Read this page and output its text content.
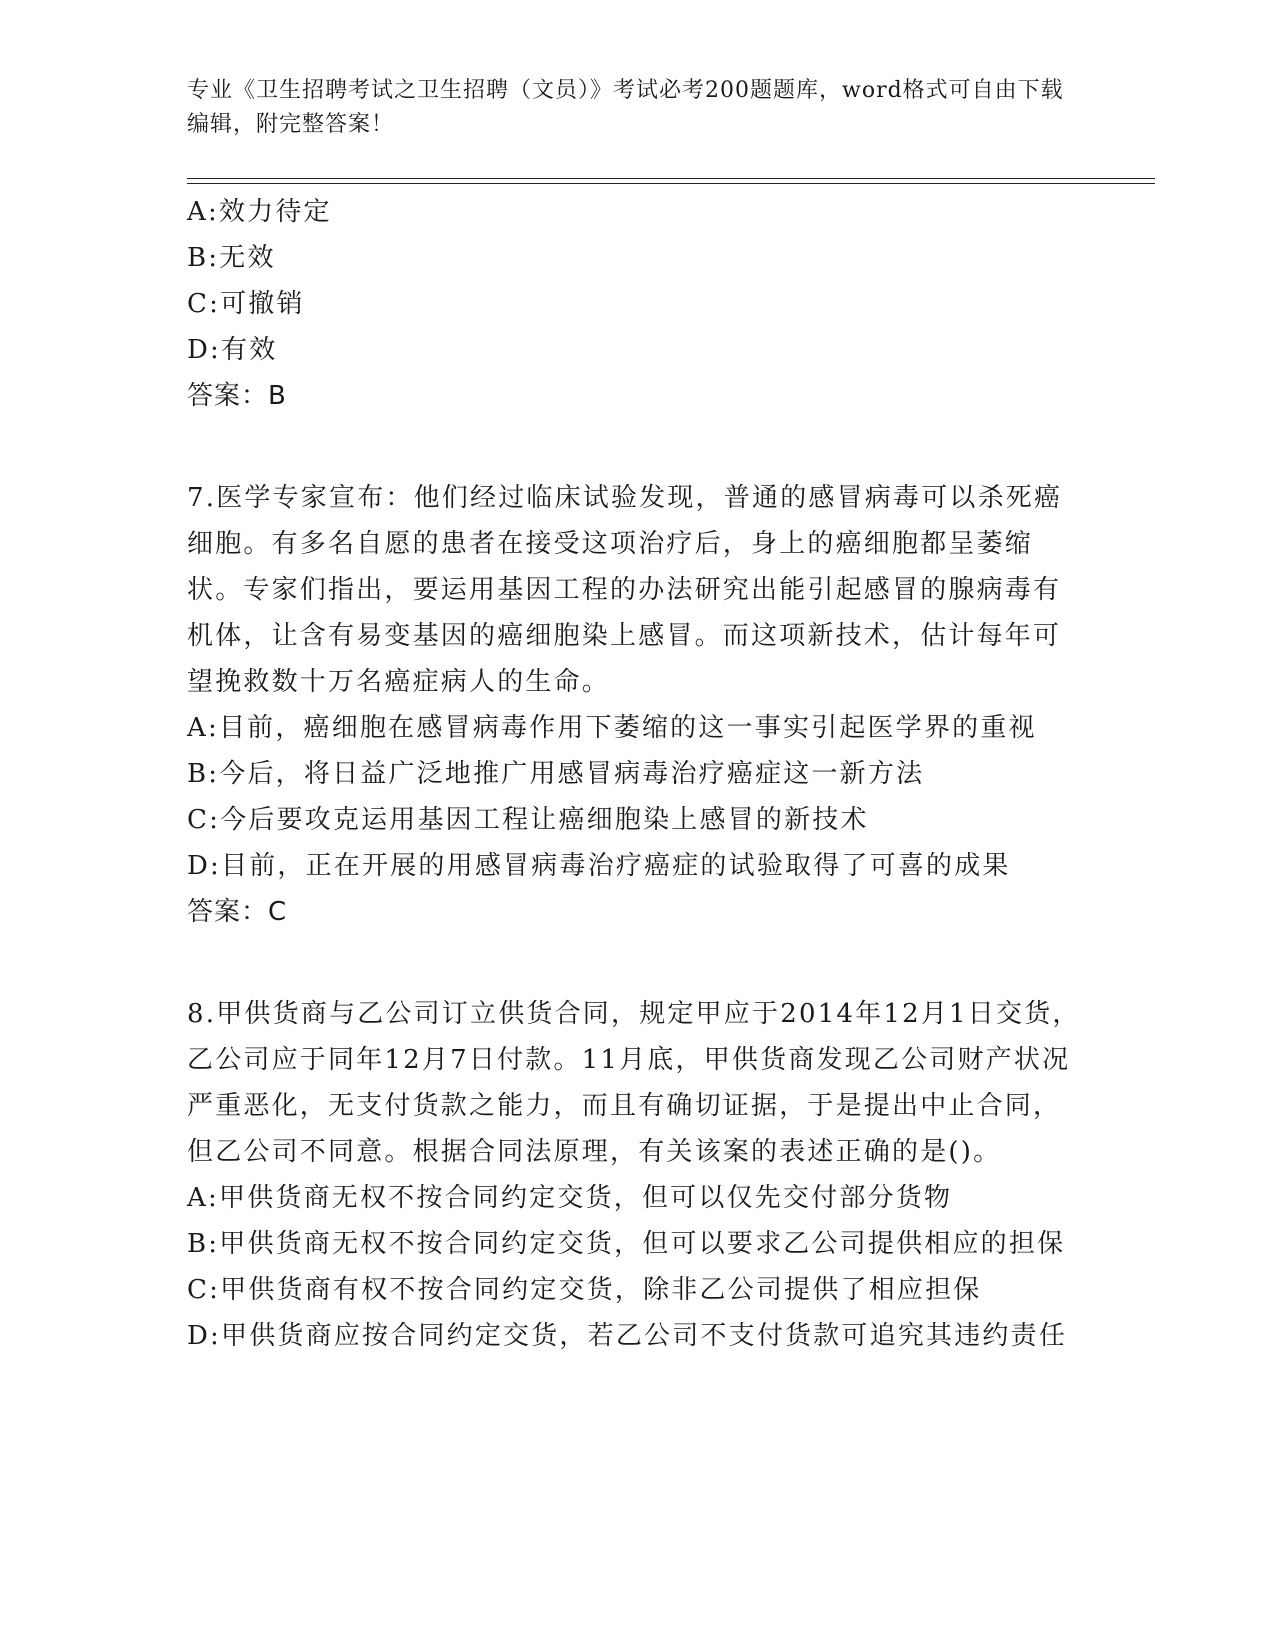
专业《卫生招聘考试之卫生招聘（文员）》考试必考200题题库，word格式可自由下载编辑，附完整答案！
A:效力待定
B:无效
C:可撤销
D:有效
答案：B
7.医学专家宣布：他们经过临床试验发现，普通的感冒病毒可以杀死癌细胞。有多名自愿的患者在接受这项治疗后，身上的癌细胞都呈萎缩状。专家们指出，要运用基因工程的办法研究出能引起感冒的腺病毒有机体，让含有易变基因的癌细胞染上感冒。而这项新技术，估计每年可望挽救数十万名癌症病人的生命。
A:目前，癌细胞在感冒病毒作用下萎缩的这一事实引起医学界的重视
B:今后，将日益广泛地推广用感冒病毒治疗癌症这一新方法
C:今后要攻克运用基因工程让癌细胞染上感冒的新技术
D:目前，正在开展的用感冒病毒治疗癌症的试验取得了可喜的成果
答案：C
8.甲供货商与乙公司订立供货合同，规定甲应于2014年12月1日交货，乙公司应于同年12月7日付款。11月底，甲供货商发现乙公司财产状况严重恶化，无支付货款之能力，而且有确切证据，于是提出中止合同，但乙公司不同意。根据合同法原理，有关该案的表述正确的是()。
A:甲供货商无权不按合同约定交货，但可以仅先交付部分货物
B:甲供货商无权不按合同约定交货，但可以要求乙公司提供相应的担保
C:甲供货商有权不按合同约定交货，除非乙公司提供了相应担保
D:甲供货商应按合同约定交货，若乙公司不支付货款可追究其违约责任
